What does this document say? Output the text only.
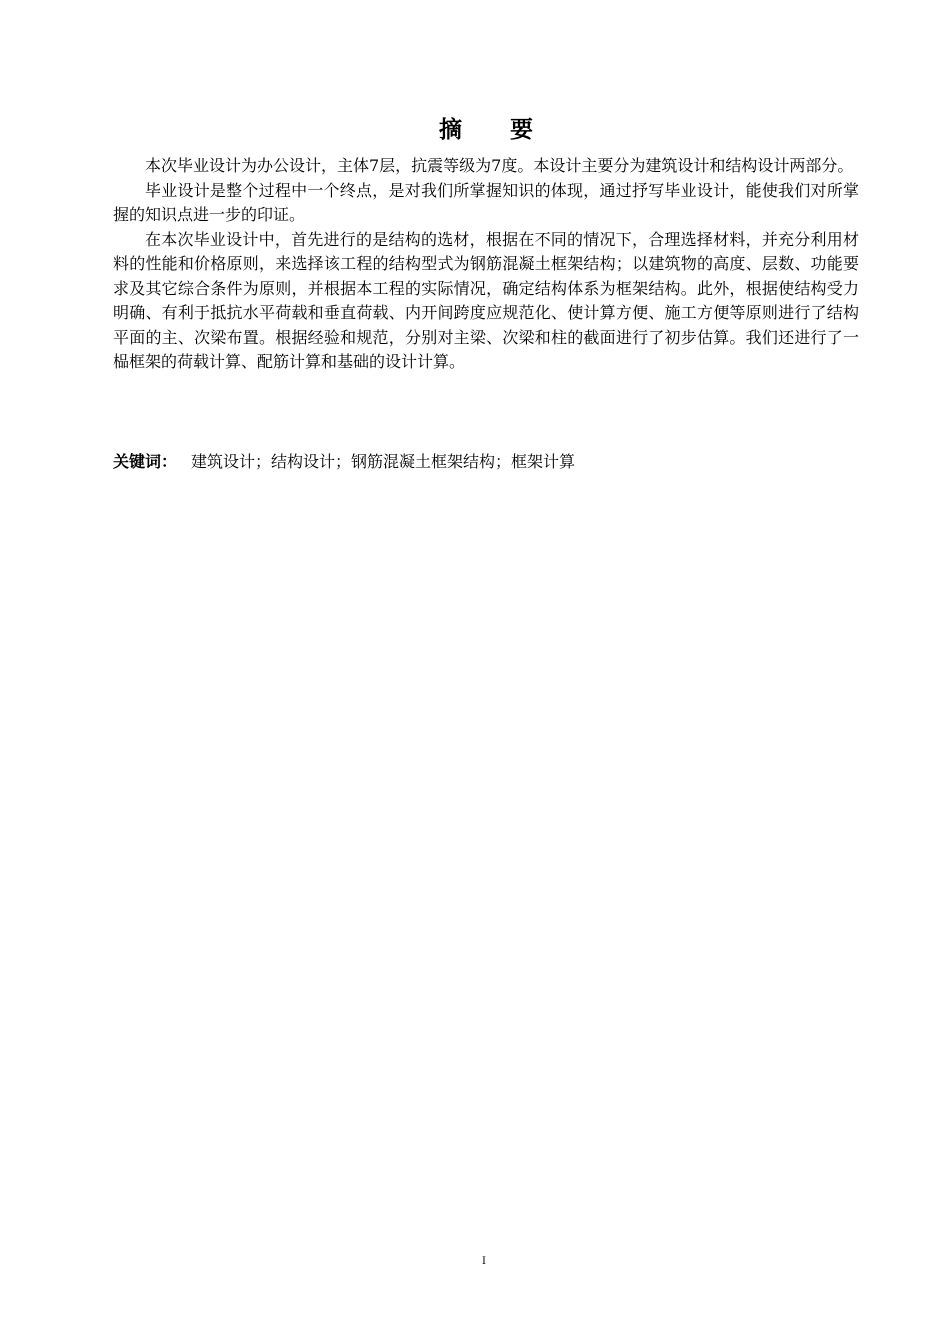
摘 要

本次毕业设计为办公设计，主体7层，抗震等级为7度。本设计主要分为建筑设计和结构设计两部分。

毕业设计是整个过程中一个终点，是对我们所掌握知识的体现，通过抒写毕业设计，能使我们对所掌握的知识点进一步的印证。

在本次毕业设计中，首先进行的是结构的选材，根据在不同的情况下，合理选择材料，并充分利用材料的性能和价格原则，来选择该工程的结构型式为钢筋混凝土框架结构；以建筑物的高度、层数、功能要求及其它综合条件为原则，并根据本工程的实际情况，确定结构体系为框架结构。此外，根据使结构受力明确、有利于抵抗水平荷载和垂直荷载、内开间跨度应规范化、使计算方便、施工方便等原则进行了结构平面的主、次梁布置。根据经验和规范，分别对主梁、次梁和柱的截面进行了初步估算。我们还进行了一榀框架的荷载计算、配筋计算和基础的设计计算。

关键词： 建筑设计；结构设计；钢筋混凝土框架结构；框架计算
I
